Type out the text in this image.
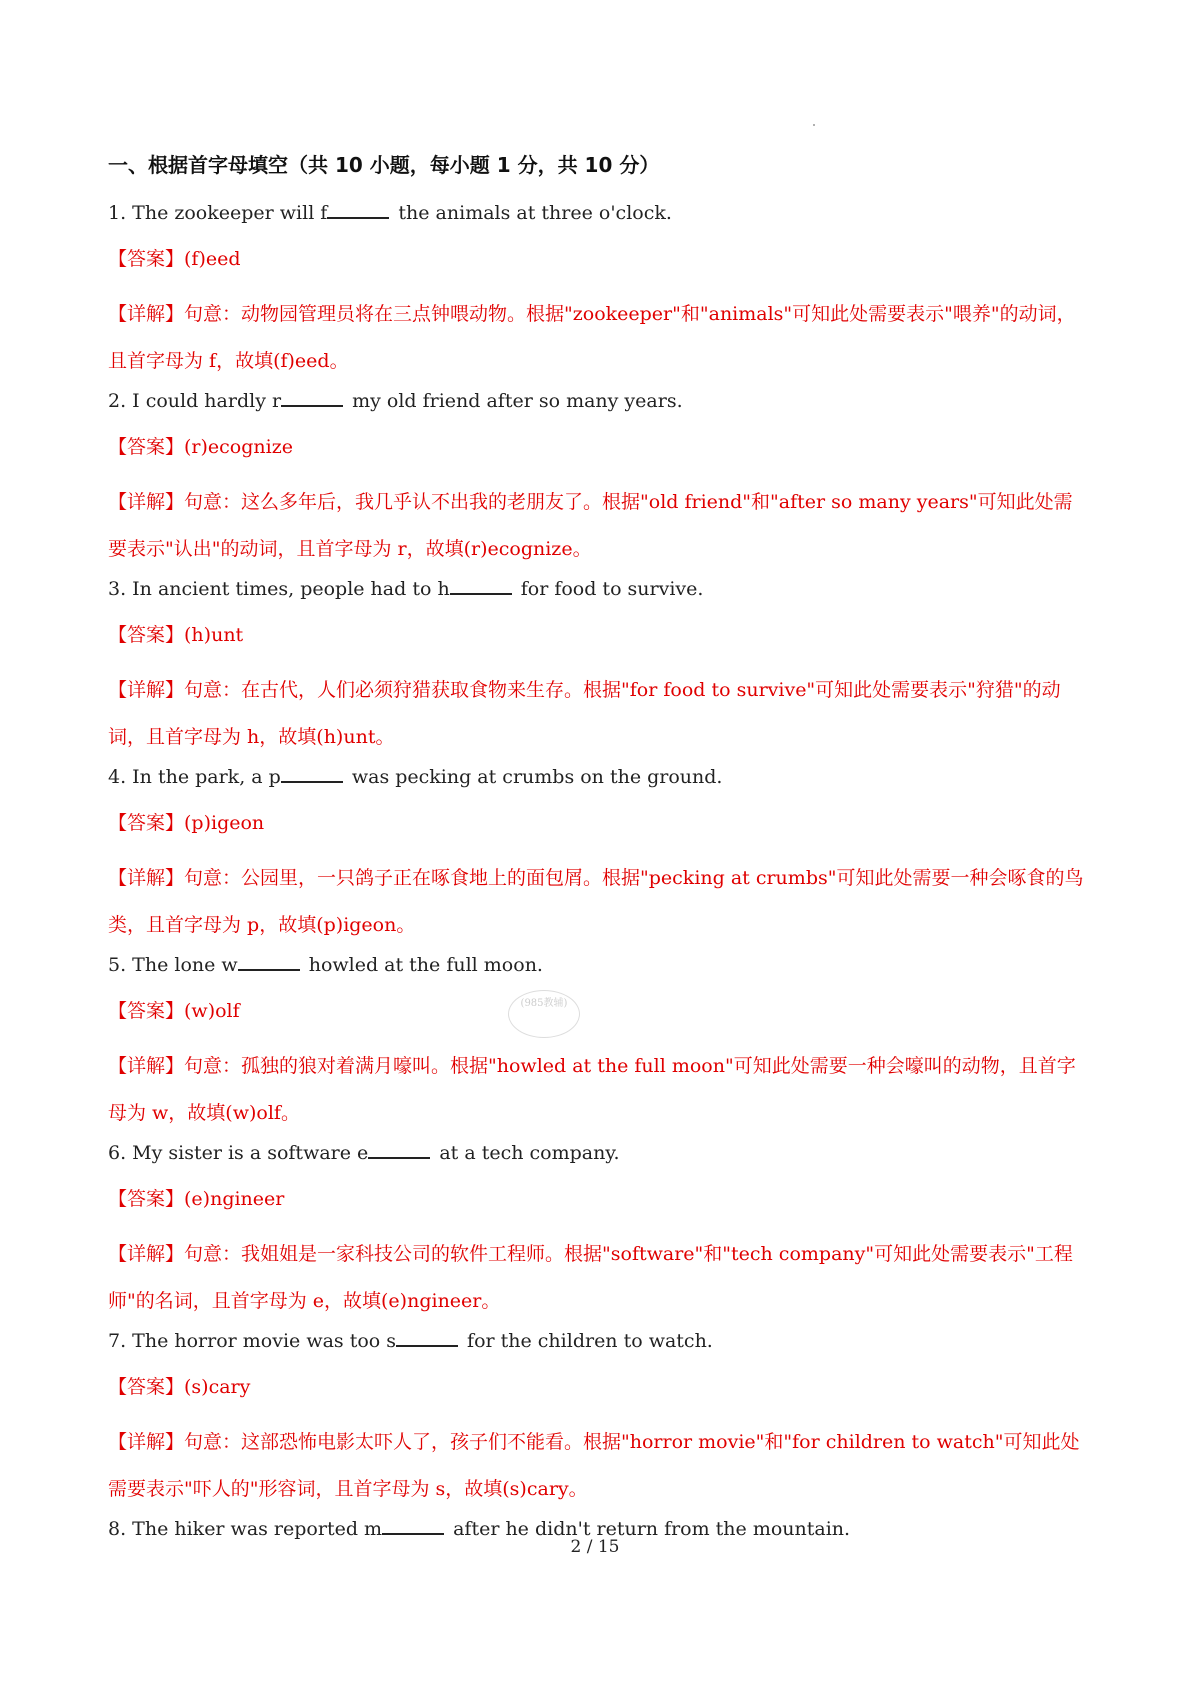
一、根据首字母填空（共 10 小题，每小题 1 分，共 10 分）
1. The zookeeper will f	the animals at three o'clock.
【答案】(f)eed
【详解】句意：动物园管理员将在三点钟喂动物。根据"zookeeper"和"animals"可知此处需要表示"喂养"的动词，且首字母为 f，故填(f)eed。
2. I could hardly r	my old friend after so many years.
【答案】(r)ecognize
【详解】句意：这么多年后，我几乎认不出我的老朋友了。根据"old friend"和"after so many years"可知此处需要表示"认出"的动词，且首字母为 r，故填(r)ecognize。
3. In ancient times, people had to h	for food to survive.
【答案】(h)unt
【详解】句意：在古代，人们必须狩猎获取食物来生存。根据"for food to survive"可知此处需要表示"狩猎"的动词，且首字母为 h，故填(h)unt。
4. In the park, a p	was pecking at crumbs on the ground.
【答案】(p)igeon
【详解】句意：公园里，一只鸽子正在啄食地上的面包屑。根据"pecking at crumbs"可知此处需要一种会啄食的鸟类，且首字母为 p，故填(p)igeon。
5. The lone w	howled at the full moon.
【答案】(w)olf
【详解】句意：孤独的狼对着满月嚎叫。根据"howled at the full moon"可知此处需要一种会嚎叫的动物，且首字母为 w，故填(w)olf。
6. My sister is a software e	at a tech company.
【答案】(e)ngineer
【详解】句意：我姐姐是一家科技公司的软件工程师。根据"software"和"tech company"可知此处需要表示"工程师"的名词，且首字母为 e，故填(e)ngineer。
7. The horror movie was too s	for the children to watch.
【答案】(s)cary
【详解】句意：这部恐怖电影太吓人了，孩子们不能看。根据"horror movie"和"for children to watch"可知此处需要表示"吓人的"形容词，且首字母为 s，故填(s)cary。
8. The hiker was reported m	after he didn't return from the mountain.
(985教辅)
2 / 15
